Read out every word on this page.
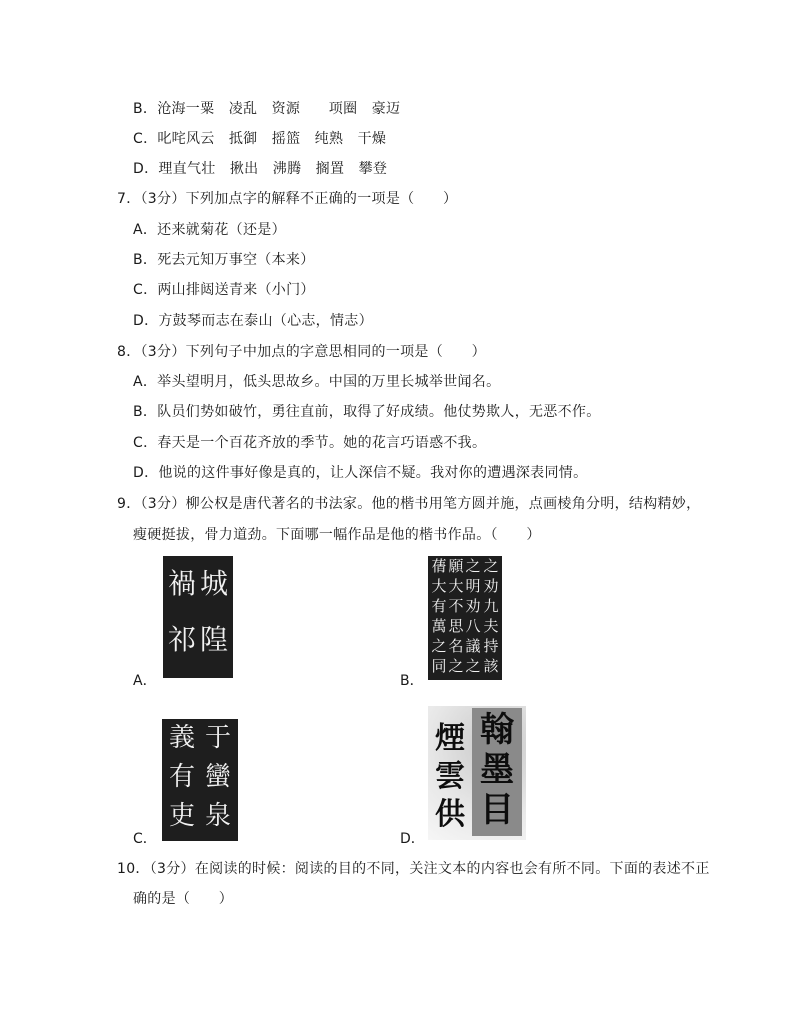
B．沧海一粟　凌乱　资源　　项圈　豪迈
C．叱咤风云　抵御　摇篮　纯熟　干燥
D．理直气壮　揪出　沸腾　搁置　攀登
7．（3分）下列加点字的解释不正确的一项是（　　）
A．还来就菊花（还是）
B．死去元知万事空（本来）
C．两山排闼送青来（小门）
D．方鼓琴而志在泰山（心志，情志）
8．（3分）下列句子中加点的字意思相同的一项是（　　）
A．举头望明月，低头思故乡。中国的万里长城举世闻名。
B．队员们势如破竹，勇往直前，取得了好成绩。他仗势欺人，无恶不作。
C．春天是一个百花齐放的季节。她的花言巧语惑不我。
D．他说的这件事好像是真的，让人深信不疑。我对你的遭遇深表同情。
9．（3分）柳公权是唐代著名的书法家。他的楷书用笔方圆并施，点画棱角分明，结构精妙，
瘦硬挺拔，骨力道劲。下面哪一幅作品是他的楷书作品。（　　）
禍
祁
城
隍
A．
蒨
大
有
萬
之
同
願
大
不
思
名
之
之
明
劝
八
議
之
之
劝
九
夫
持
該
B．
義
有
吏
于
蠻
泉
C．
翰
墨
目
煙
雲
供
D．
10．（3分）在阅读的时候：阅读的目的不同，关注文本的内容也会有所不同。下面的表述不正
确的是（　　）
